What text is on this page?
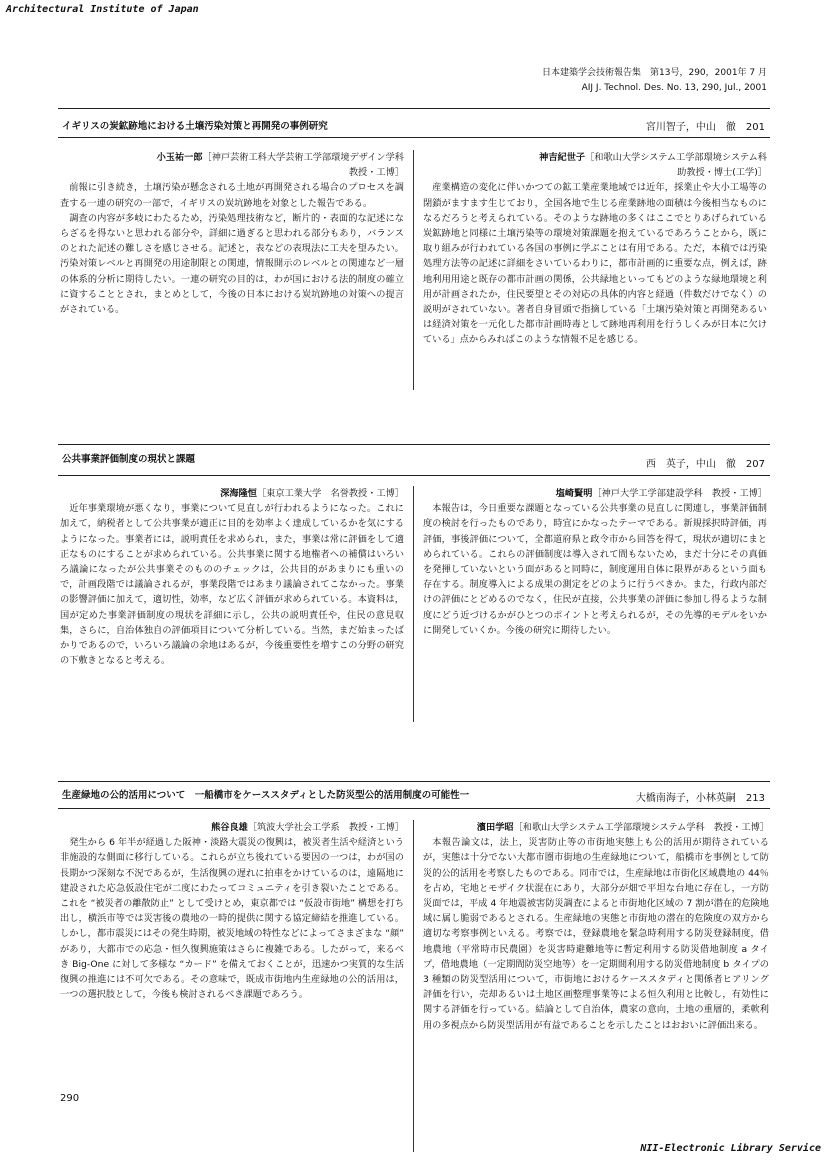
Architectural Institute of Japan
日本建築学会技術報告集　第13号，290，2001年 7 月
AIJ J. Technol. Des. No. 13, 290, Jul., 2001
イギリスの炭鉱跡地における土壌汚染対策と再開発の事例研究	宮川智子，中山　徹　201
小玉祐一郎［神戸芸術工科大学芸術工学部環境デザイン学科
教授・工博］

前報に引き続き，土壌汚染が懸念される土地が再開発される場合のプロセスを調査する一連の研究の一部で，イギリスの炭坑跡地を対象とした報告である。

調査の内容が多岐にわたるため，汚染処理技術など，断片的・表面的な記述にならざるを得ないと思われる部分や，詳細に過ぎると思われる部分もあり，バランスのとれた記述の難しさを感じさせる。記述と，表などの表現法に工夫を望みたい。汚染対策レベルと再開発の用途制限との関連，情報開示のレベルとの関連など一層の体系的分析に期待したい。一連の研究の目的は，わが国における法的制度の確立に資することとされ，まとめとして，今後の日本における炭坑跡地の対策への提言がされている。

神吉紀世子［和歌山大学システム工学部環境システム科
助教授・博士(工学)］

産業構造の変化に伴いかつての鉱工業産業地域では近年，採業止や大小工場等の閉鎖がますます生じており，全国各地で生じる産業跡地の面積は今後相当なものになるだろうと考えられている。そのような跡地の多くはここでとりあげられている炭鉱跡地と同様に土壌汚染等の環境対策課題を抱えているであろうことから，既に取り組みが行われている各国の事例に学ぶことは有用である。ただ，本稿では汚染処理方法等の記述に詳細をさいているわりに，都市計画的に重要な点，例えば，跡地利用用途と既存の都市計画の関係，公共緑地といってもどのような緑地環境と利用が計画されたか，住民要望とその対応の具体的内容と経過（件数だけでなく）の説明がされていない。著者自身冒頭で指摘している「土壌汚染対策と再開発あるいは経済対策を一元化した都市計画時毒として跡地再利用を行うしくみが日本に欠けている」点からみればこのような情報不足を感じる。

公共事業評価制度の現状と課題	西　英子，中山　徹　207
深海隆恒［東京工業大学　名誉教授・工博］

近年事業環境が悪くなり，事業について見直しが行われるようになった。これに加えて，納税者として公共事業が適正に目的を効率よく達成しているかを気にするようになった。事業者には，説明責任を求められ，また，事業は常に評価をして適正なものにすることが求められている。公共事業に関する地権者への補償はいろいろ議論になったが公共事業そのもののチェックは，公共目的があまりにも重いので，計画段階では議論されるが，事業段階ではあまり議論されてこなかった。事業の影響評価に加えて，適切性，効率，など広く評価が求められている。本資料は，国が定めた事業評価制度の現状を詳細に示し，公共の説明責任や，住民の意見収集，さらに，自治体独自の評価項目について分析している。当然，まだ始まったばかりであるので，いろいろ議論の余地はあるが，今後重要性を増すこの分野の研究の下敷きとなると考える。

塩崎賢明［神戸大学工学部建設学科　教授・工博］

本報告は，今日重要な課題となっている公共事業の見直しに関連し，事業評価制度の検討を行ったものであり，時宜にかなったテーマである。新規採択時評価，再評価，事後評価について，全都道府県と政令市から回答を得て，現状が適切にまとめられている。これらの評価制度は導入されて間もないため，まだ十分にその真価を発揮していないという面があると同時に，制度運用自体に限界があるという面も存在する。制度導入による成果の測定をどのように行うべきか。また，行政内部だけの評価にとどめるのでなく，住民が直接，公共事業の評価に参加し得るような制度にどう近づけるかがひとつのポイントと考えられるが，その先導的モデルをいかに開発していくか。今後の研究に期待したい。

生産緑地の公的活用について　一船橋市をケーススタディとした防災型公的活用制度の可能性一	大橋南海子，小林英嗣　213
熊谷良雄［筑波大学社会工学系　教授・工博］

発生から 6 年半が経過した阪神・淡路大震災の復興は，被災者生活や経済という非施設的な側面に移行している。これらが立ち後れている要因の一つは，わが国の長期かつ深刻な不況であるが，生活復興の遅れに拍車をかけているのは，遠隔地に建設された応急仮設住宅が二度にわたってコミュニティを引き裂いたことである。これを “被災者の離散防止” として受けとめ，東京都では “仮設市街地” 構想を打ち出し，横浜市等では災害後の農地の一時的提供に関する協定締結を推進している。しかし，都市震災にはその発生時期，被災地域の特性などによってさまざまな “顔” があり，大都市での応急・恒久復興施策はさらに複雑である。したがって，来るべき Big-One に対して多様な “カード” を備えておくことが，迅速かつ実質的な生活復興の推進には不可欠である。その意味で，既成市街地内生産緑地の公的活用は，一つの選択肢として，今後も検討されるべき課題であろう。

濱田学昭［和歌山大学システム工学部環境システム学科　教授・工博］

本報告論文は，法上，災害防止等の市街地実態上も公的活用が期待されているが，実態は十分でない大都市圏市街地の生産緑地について，船橋市を事例として防災的公的活用を考察したものである。同市では，生産緑地は市街化区域農地の 44％を占め，宅地とモザイク状混在にあり，大部分が畑で平坦な台地に存在し，一方防災面では，平成 4 年地震被害防災調査によると市街地化区域の 7 割が潜在的危険地域に属し脆弱であるとされる。生産緑地の実態と市街地の潜在的危険度の双方から適切な考察事例といえる。考察では，登録農地を緊急時利用する防災登録制度，借地農地（平常時市民農園）を災害時避難地等に暫定利用する防災借地制度 a タイプ，借地農地（一定期間防災空地等）を一定期間利用する防災借地制度 b タイプの 3 種類の防災型活用について，市街地におけるケーススタディと関係者ヒアリング評価を行い，売却あるいは土地区画整理事業等による恒久利用と比較し，有効性に関する評価を行っている。結論として自治体，農家の意向，土地の重層的，柔軟利用の多視点から防災型活用が有益であることを示したことはおおいに評価出来る。

290
NII-Electronic Library Service
